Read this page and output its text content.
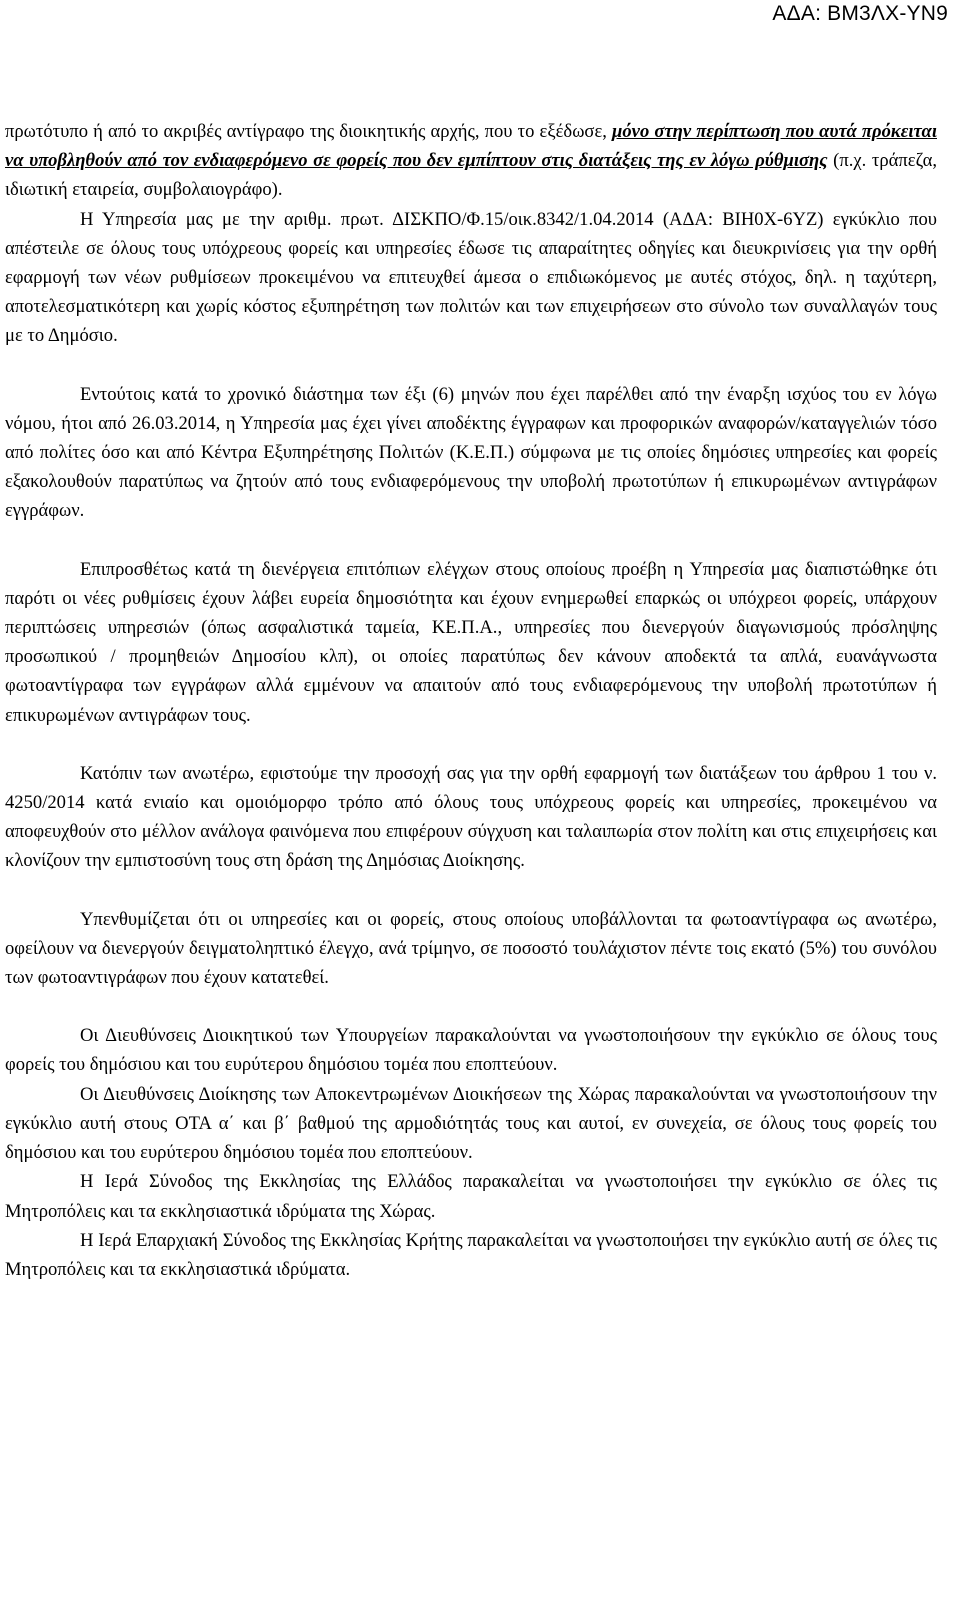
ΑΔΑ: ΒΜ3ΛΧ-ΥΝ9

πρωτότυπο ή από το ακριβές αντίγραφο της διοικητικής αρχής, που το εξέδωσε, μόνο στην περίπτωση που αυτά πρόκειται να υποβληθούν από τον ενδιαφερόμενο σε φορείς που δεν εμπίπτουν στις διατάξεις της εν λόγω ρύθμισης (π.χ. τράπεζα, ιδιωτική εταιρεία, συμβολαιογράφο).

Η Υπηρεσία μας με την αριθμ. πρωτ. ΔΙΣΚΠΟ/Φ.15/οικ.8342/1.04.2014 (ΑΔΑ: ΒΙΗ0Χ-6ΥΖ) εγκύκλιο που απέστειλε σε όλους τους υπόχρεους φορείς και υπηρεσίες έδωσε τις απαραίτητες οδηγίες και διευκρινίσεις για την ορθή εφαρμογή των νέων ρυθμίσεων προκειμένου να επιτευχθεί άμεσα ο επιδιωκόμενος με αυτές στόχος, δηλ. η ταχύτερη, αποτελεσματικότερη και χωρίς κόστος εξυπηρέτηση των πολιτών και των επιχειρήσεων στο σύνολο των συναλλαγών τους με το Δημόσιο.

Εντούτοις κατά το χρονικό διάστημα των έξι (6) μηνών που έχει παρέλθει από την έναρξη ισχύος του εν λόγω νόμου, ήτοι από 26.03.2014, η Υπηρεσία μας έχει γίνει αποδέκτης έγγραφων και προφορικών αναφορών/καταγγελιών τόσο από πολίτες όσο και από Κέντρα Εξυπηρέτησης Πολιτών (Κ.Ε.Π.) σύμφωνα με τις οποίες δημόσιες υπηρεσίες και φορείς εξακολουθούν παρατύπως να ζητούν από τους ενδιαφερόμενους την υποβολή πρωτοτύπων ή επικυρωμένων αντιγράφων εγγράφων.

Επιπροσθέτως κατά τη διενέργεια επιτόπιων ελέγχων στους οποίους προέβη η Υπηρεσία μας διαπιστώθηκε ότι παρότι οι νέες ρυθμίσεις έχουν λάβει ευρεία δημοσιότητα και έχουν ενημερωθεί επαρκώς οι υπόχρεοι φορείς, υπάρχουν περιπτώσεις υπηρεσιών (όπως ασφαλιστικά ταμεία, ΚΕ.Π.Α., υπηρεσίες που διενεργούν διαγωνισμούς πρόσληψης προσωπικού / προμηθειών Δημοσίου κλπ), οι οποίες παρατύπως δεν κάνουν αποδεκτά τα απλά, ευανάγνωστα φωτοαντίγραφα των εγγράφων αλλά εμμένουν να απαιτούν από τους ενδιαφερόμενους την υποβολή πρωτοτύπων ή επικυρωμένων αντιγράφων τους.

Κατόπιν των ανωτέρω, εφιστούμε την προσοχή σας για την ορθή εφαρμογή των διατάξεων του άρθρου 1 του ν. 4250/2014 κατά ενιαίο και ομοιόμορφο τρόπο από όλους τους υπόχρεους φορείς και υπηρεσίες, προκειμένου να αποφευχθούν στο μέλλον ανάλογα φαινόμενα που επιφέρουν σύγχυση και ταλαιπωρία στον πολίτη και στις επιχειρήσεις και κλονίζουν την εμπιστοσύνη τους στη δράση της Δημόσιας Διοίκησης.

Υπενθυμίζεται ότι οι υπηρεσίες και οι φορείς, στους οποίους υποβάλλονται τα φωτοαντίγραφα ως ανωτέρω, οφείλουν να διενεργούν δειγματοληπτικό έλεγχο, ανά τρίμηνο, σε ποσοστό τουλάχιστον πέντε τοις εκατό (5%) του συνόλου των φωτοαντιγράφων που έχουν κατατεθεί.

Οι Διευθύνσεις Διοικητικού των Υπουργείων παρακαλούνται να γνωστοποιήσουν την εγκύκλιο σε όλους τους φορείς του δημόσιου και του ευρύτερου δημόσιου τομέα που εποπτεύουν.

Οι Διευθύνσεις Διοίκησης των Αποκεντρωμένων Διοικήσεων της Χώρας παρακαλούνται να γνωστοποιήσουν την εγκύκλιο αυτή στους ΟΤΑ α΄ και β΄ βαθμού της αρμοδιότητάς τους και αυτοί, εν συνεχεία, σε όλους τους φορείς του δημόσιου και του ευρύτερου δημόσιου τομέα που εποπτεύουν.

Η Ιερά Σύνοδος της Εκκλησίας της Ελλάδος παρακαλείται να γνωστοποιήσει την εγκύκλιο σε όλες τις Μητροπόλεις και τα εκκλησιαστικά ιδρύματα της Χώρας.

Η Ιερά Επαρχιακή Σύνοδος της Εκκλησίας Κρήτης παρακαλείται να γνωστοποιήσει την εγκύκλιο αυτή σε όλες τις Μητροπόλεις και τα εκκλησιαστικά ιδρύματα.
